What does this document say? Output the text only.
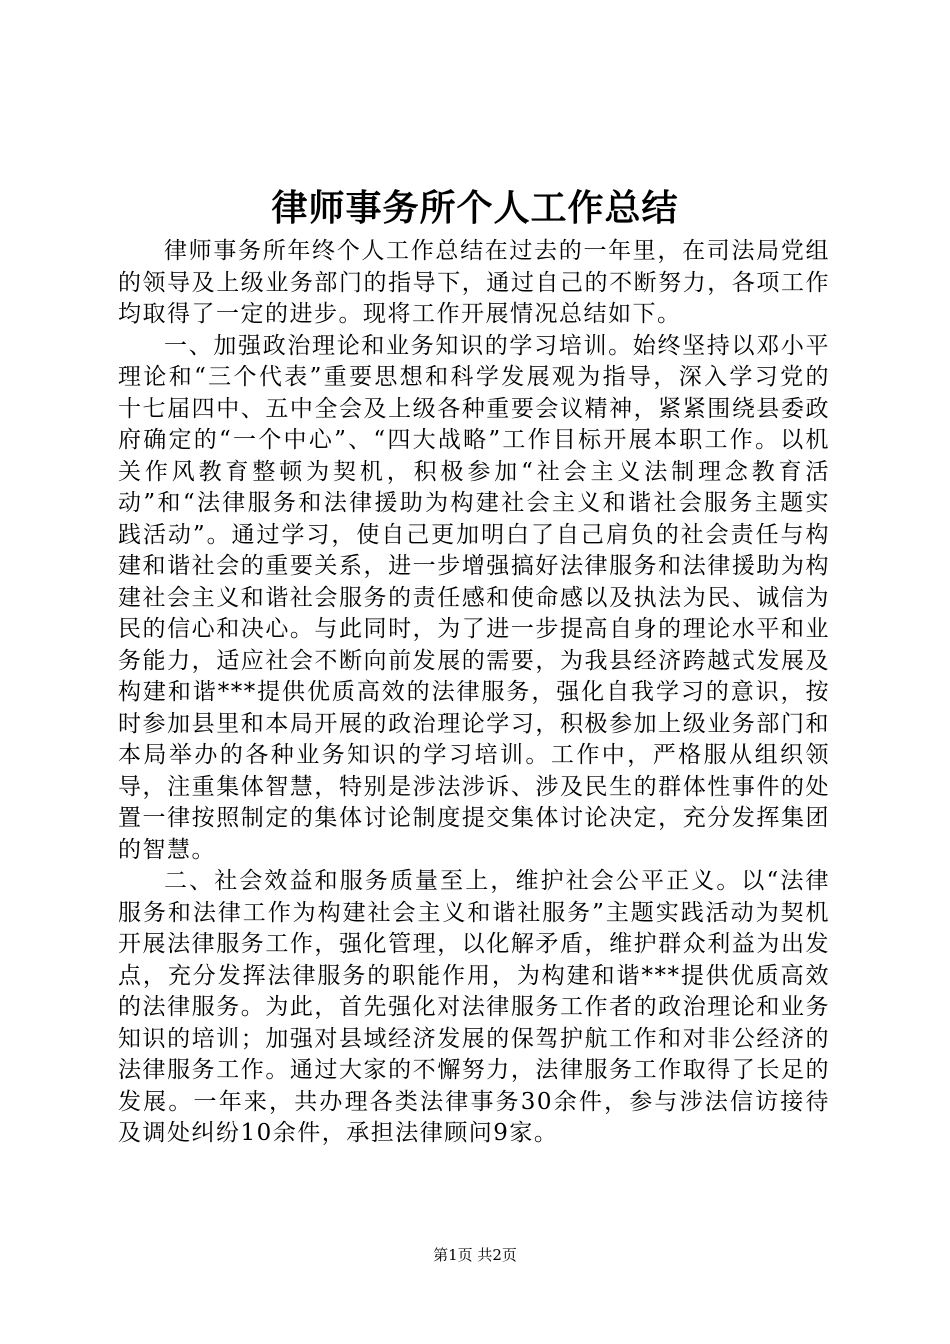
律师事务所个人工作总结

律师事务所年终个人工作总结在过去的一年里，在司法局党组的领导及上级业务部门的指导下，通过自己的不断努力，各项工作均取得了一定的进步。现将工作开展情况总结如下。

一、加强政治理论和业务知识的学习培训。始终坚持以邓小平理论和“三个代表”重要思想和科学发展观为指导，深入学习党的十七届四中、五中全会及上级各种重要会议精神，紧紧围绕县委政府确定的“一个中心”、“四大战略”工作目标开展本职工作。以机关作风教育整顿为契机，积极参加“社会主义法制理念教育活动”和“法律服务和法律援助为构建社会主义和谐社会服务主题实践活动”。通过学习，使自己更加明白了自己肩负的社会责任与构建和谐社会的重要关系，进一步增强搞好法律服务和法律援助为构建社会主义和谐社会服务的责任感和使命感以及执法为民、诚信为民的信心和决心。与此同时，为了进一步提高自身的理论水平和业务能力，适应社会不断向前发展的需要，为我县经济跨越式发展及构建和谐***提供优质高效的法律服务，强化自我学习的意识，按时参加县里和本局开展的政治理论学习，积极参加上级业务部门和本局举办的各种业务知识的学习培训。工作中，严格服从组织领导，注重集体智慧，特别是涉法涉诉、涉及民生的群体性事件的处置一律按照制定的集体讨论制度提交集体讨论决定，充分发挥集团的智慧。

二、社会效益和服务质量至上，维护社会公平正义。以“法律服务和法律工作为构建社会主义和谐社服务”主题实践活动为契机开展法律服务工作，强化管理，以化解矛盾，维护群众利益为出发点，充分发挥法律服务的职能作用，为构建和谐***提供优质高效的法律服务。为此，首先强化对法律服务工作者的政治理论和业务知识的培训；加强对县域经济发展的保驾护航工作和对非公经济的法律服务工作。通过大家的不懈努力，法律服务工作取得了长足的发展。一年来，共办理各类法律事务30余件，参与涉法信访接待及调处纠纷10余件，承担法律顾问9家。

第1页 共2页
